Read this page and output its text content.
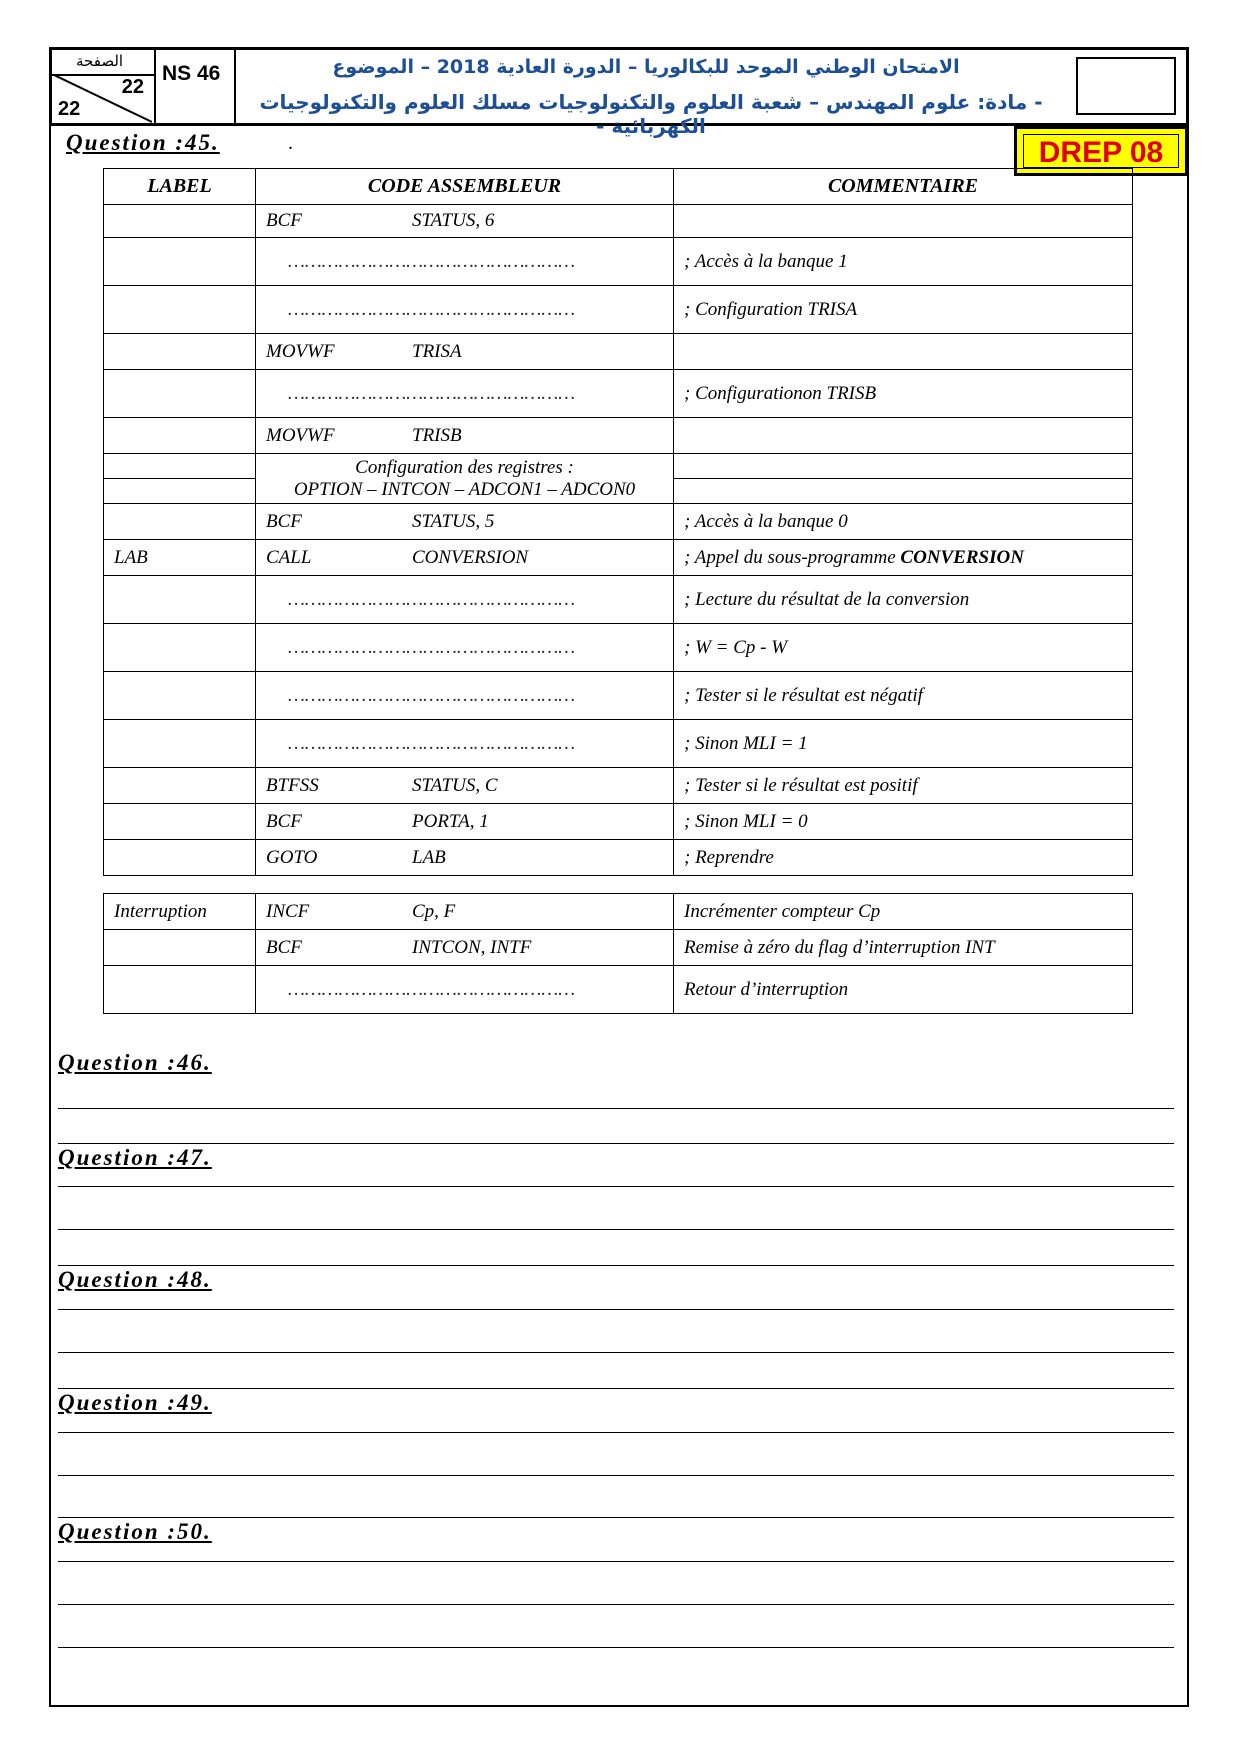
الصفحة
22
22
NS 46	الامتحان الوطني الموحد للبكالوريا – الدورة العادية 2018 – الموضوع
- مادة: علوم المهندس – شعبة العلوم والتكنولوجيات مسلك العلوم والتكنولوجيات الكهربائية -
DREP 08
Question :45.	.
LABEL	CODE ASSEMBLEUR	COMMENTAIRE
	BCF STATUS, 6	
	……………………………………………	; Accès à la banque 1
	……………………………………………	; Configuration TRISA
	MOVWF TRISA	
	……………………………………………	; Configurationon TRISB
	MOVWF TRISB	

	Configuration des registres :
OPTION – INTCON – ADCON1 – ADCON0	

	BCF STATUS, 5	; Accès à la banque 0
LAB	CALL CONVERSION	; Appel du sous-programme CONVERSION
	……………………………………………	; Lecture du résultat de la conversion
	……………………………………………	; W = Cp - W
	……………………………………………	; Tester si le résultat est négatif
	……………………………………………	; Sinon MLI = 1
	BTFSS STATUS, C	; Tester si le résultat est positif
	BCF PORTA, 1	; Sinon MLI = 0
	GOTO LAB	; Reprendre
Interruption	INCF Cp, F	Incrémenter compteur Cp
	BCF INTCON, INTF	Remise à zéro du flag d’interruption INT
	……………………………………………	Retour d’interruption
Question :46.
Question :47.
Question :48.
Question :49.
Question :50.
